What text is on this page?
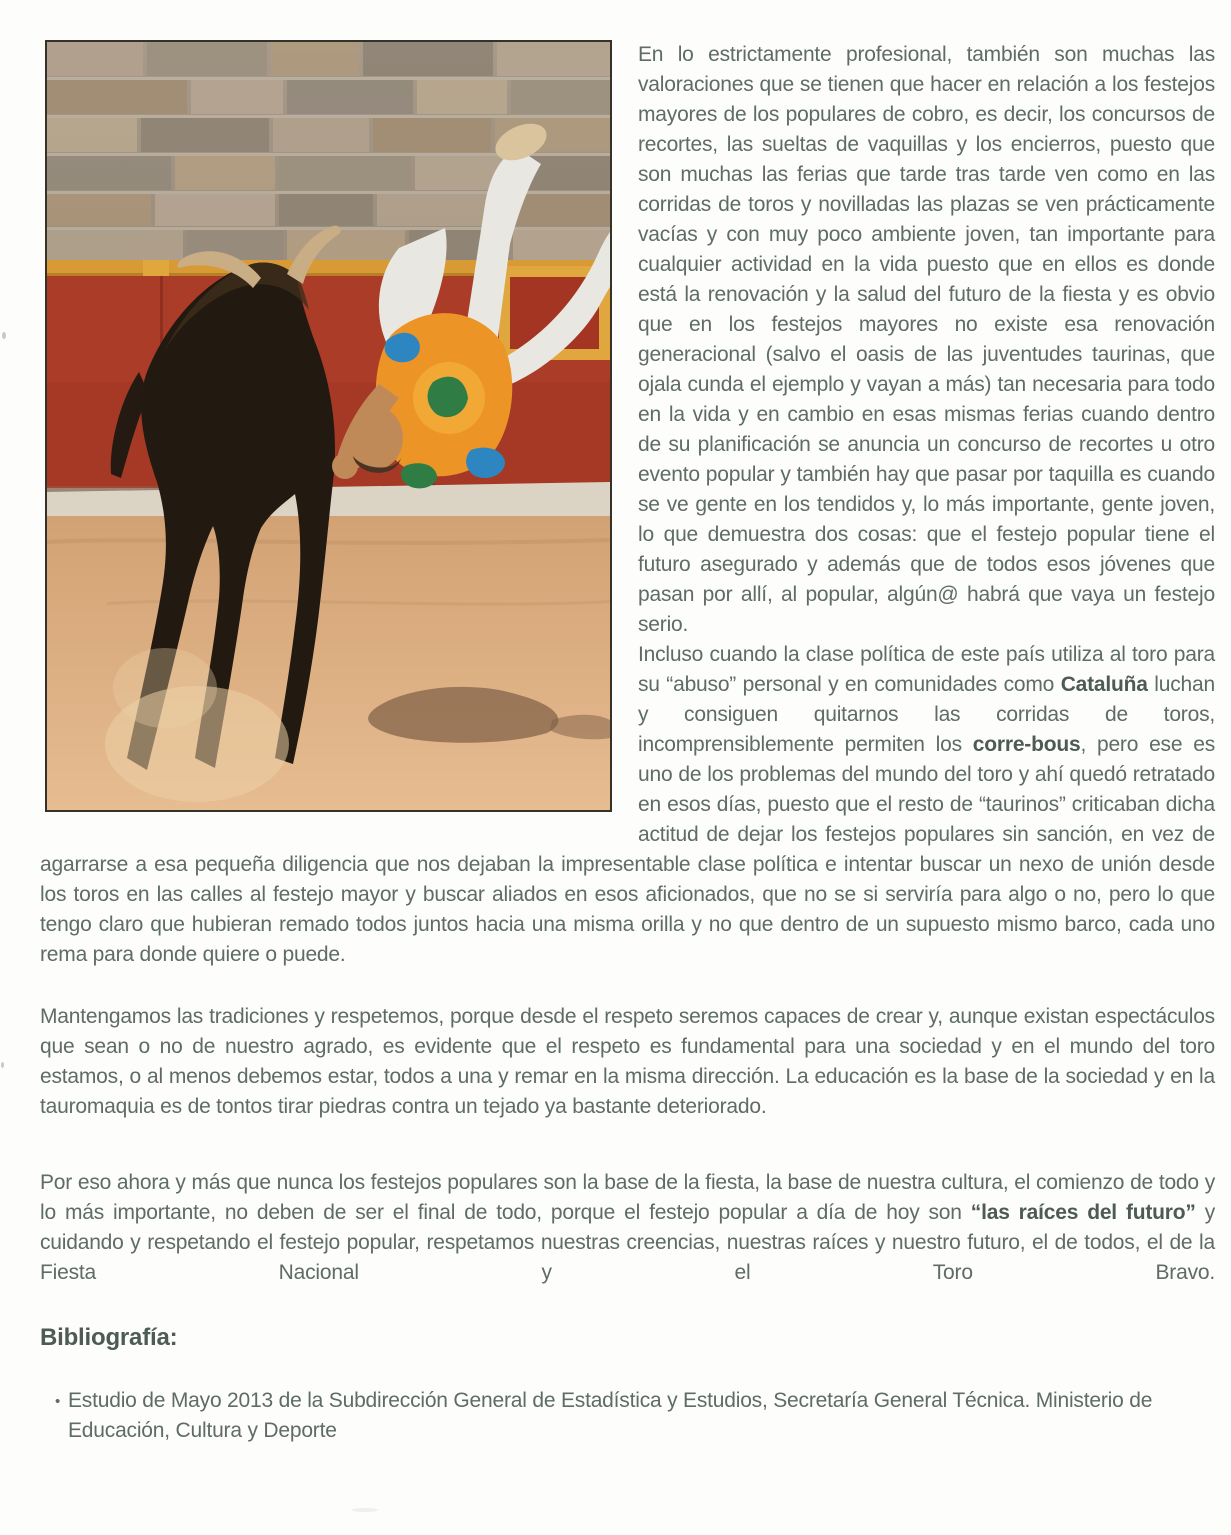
En lo estrictamente profesional, también son muchas las valoraciones que se tienen que hacer en relación a los festejos mayores de los populares de cobro, es decir, los concursos de recortes, las sueltas de vaquillas y los encierros, puesto que son muchas las ferias que tarde tras tarde ven como en las corridas de toros y novilladas las plazas se ven prácticamente vacías y con muy poco ambiente joven, tan importante para cualquier actividad en la vida puesto que en ellos es donde está la renovación y la salud del futuro de la fiesta y es obvio que en los festejos mayores no existe esa renovación generacional (salvo el oasis de las juventudes taurinas, que ojala cunda el ejemplo y vayan a más) tan necesaria para todo en la vida y en cambio en esas mismas ferias cuando dentro de su planificación se anuncia un concurso de recortes u otro evento popular y también hay que pasar por taquilla es cuando se ve gente en los tendidos y, lo más importante, gente joven, lo que demuestra dos cosas: que el festejo popular tiene el futuro asegurado y además que de todos esos jóvenes que pasan por allí, al popular, algún@ habrá que vaya un festejo serio.

Incluso cuando la clase política de este país utiliza al toro para su “abuso” personal y en comunidades como Cataluña luchan y consiguen quitarnos las corridas de toros, incomprensiblemente permiten los corre-bous, pero ese es uno de los problemas del mundo del toro y ahí quedó retratado en esos días, puesto que el resto de “taurinos” criticaban dicha actitud de dejar los festejos populares sin sanción, en vez de agarrarse a esa pequeña diligencia que nos dejaban la impresentable clase política e intentar buscar un nexo de unión desde los toros en las calles al festejo mayor y buscar aliados en esos aficionados, que no se si serviría para algo o no, pero lo que tengo claro que hubieran remado todos juntos hacia una misma orilla y no que dentro de un supuesto mismo barco, cada uno rema para donde quiere o puede.

Mantengamos las tradiciones y respetemos, porque desde el respeto seremos capaces de crear y, aunque existan espectáculos que sean o no de nuestro agrado, es evidente que el respeto es fundamental para una sociedad y en el mundo del toro estamos, o al menos debemos estar, todos a una y remar en la misma dirección. La educación es la base de la sociedad y en la tauromaquia es de tontos tirar piedras contra un tejado ya bastante deteriorado.

Por eso ahora y más que nunca los festejos populares son la base de la fiesta, la base de nuestra cultura, el comienzo de todo y lo más importante, no deben de ser el final de todo, porque el festejo popular a día de hoy son “las raíces del futuro” y cuidando y respetando el festejo popular, respetamos nuestras creencias, nuestras raíces y nuestro futuro, el de todos, el de la Fiesta Nacional y el Toro Bravo.

Bibliografía:
• Estudio de Mayo 2013 de la Subdirección General de Estadística y Estudios, Secretaría General Técnica. Ministerio de Educación, Cultura y Deporte
